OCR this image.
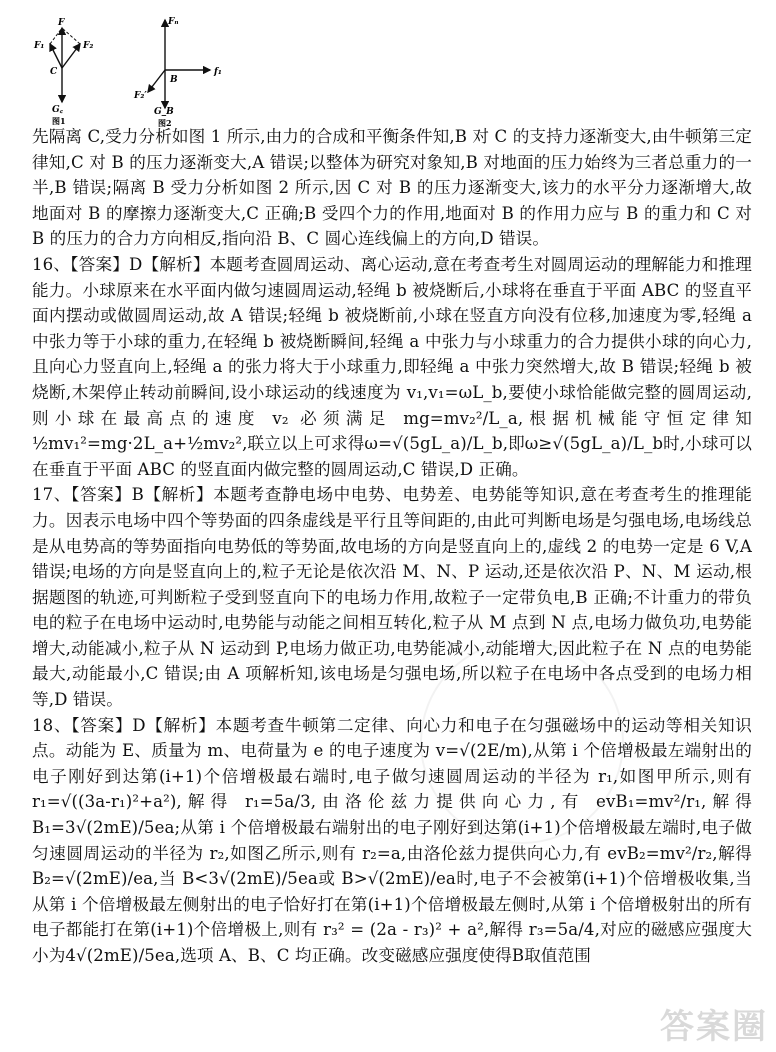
F
F₁	F₂
C
G꜀
图1
Fₙ
B
f₁
F₂′
G_B
图2

先隔离 C,受力分析如图 1 所示,由力的合成和平衡条件知,B 对 C 的支持力逐渐变大,由牛顿第三定律知,C 对 B 的压力逐渐变大,A 错误;以整体为研究对象知,B 对地面的压力始终为三者总重力的一半,B 错误;隔离 B 受力分析如图 2 所示,因 C 对 B 的压力逐渐变大,该力的水平分力逐渐增大,故地面对 B 的摩擦力逐渐变大,C 正确;B 受四个力的作用,地面对 B 的作用力应与 B 的重力和 C 对 B 的压力的合力方向相反,指向沿 B、C 圆心连线偏上的方向,D 错误。

16、【答案】D【解析】本题考查圆周运动、离心运动,意在考查考生对圆周运动的理解能力和推理能力。小球原来在水平面内做匀速圆周运动,轻绳 b 被烧断后,小球将在垂直于平面 ABC 的竖直平面内摆动或做圆周运动,故 A 错误;轻绳 b 被烧断前,小球在竖直方向没有位移,加速度为零,轻绳 a 中张力等于小球的重力,在轻绳 b 被烧断瞬间,轻绳 a 中张力与小球重力的合力提供小球的向心力,且向心力竖直向上,轻绳 a 的张力将大于小球重力,即轻绳 a 中张力突然增大,故 B 错误;轻绳 b 被烧断,木架停止转动前瞬间,设小球运动的线速度为 v₁,v₁=ωL_b,要使小球恰能做完整的圆周运动,则小球在最高点的速度 v₂ 必须满足 mg=mv₂²/L_a,根据机械能守恒定律知 ½mv₁²=mg·2L_a+½mv₂²,联立以上可求得ω=√(5gL_a)/L_b,即ω≥√(5gL_a)/L_b时,小球可以在垂直于平面 ABC 的竖直面内做完整的圆周运动,C 错误,D 正确。

17、【答案】B【解析】本题考查静电场中电势、电势差、电势能等知识,意在考查考生的推理能力。因表示电场中四个等势面的四条虚线是平行且等间距的,由此可判断电场是匀强电场,电场线总是从电势高的等势面指向电势低的等势面,故电场的方向是竖直向上的,虚线 2 的电势一定是 6 V,A 错误;电场的方向是竖直向上的,粒子无论是依次沿 M、N、P 运动,还是依次沿 P、N、M 运动,根据题图的轨迹,可判断粒子受到竖直向下的电场力作用,故粒子一定带负电,B 正确;不计重力的带负电的粒子在电场中运动时,电势能与动能之间相互转化,粒子从 M 点到 N 点,电场力做负功,电势能增大,动能减小,粒子从 N 运动到 P,电场力做正功,电势能减小,动能增大,因此粒子在 N 点的电势能最大,动能最小,C 错误;由 A 项解析知,该电场是匀强电场,所以粒子在电场中各点受到的电场力相等,D 错误。

18、【答案】D【解析】本题考查牛顿第二定律、向心力和电子在匀强磁场中的运动等相关知识点。动能为 E、质量为 m、电荷量为 e 的电子速度为 v=√(2E/m),从第 i 个倍增极最左端射出的电子刚好到达第(i+1)个倍增极最右端时,电子做匀速圆周运动的半径为 r₁,如图甲所示,则有 r₁=√((3a-r₁)²+a²),解得 r₁=5a/3,由洛伦兹力提供向心力,有 evB₁=mv²/r₁,解得 B₁=3√(2mE)/5ea;从第 i 个倍增极最右端射出的电子刚好到达第(i+1)个倍增极最左端时,电子做匀速圆周运动的半径为 r₂,如图乙所示,则有 r₂=a,由洛伦兹力提供向心力,有 evB₂=mv²/r₂,解得 B₂=√(2mE)/ea,当 B<3√(2mE)/5ea或 B>√(2mE)/ea时,电子不会被第(i+1)个倍增极收集,当从第 i 个倍增极最左侧射出的电子恰好打在第(i+1)个倍增极最左侧时,从第 i 个倍增极射出的所有电子都能打在第(i+1)个倍增极上,则有 r₃² = (2a - r₃)² + a²,解得 r₃=5a/4,对应的磁感应强度大小为4√(2mE)/5ea,选项 A、B、C 均正确。改变磁感应强度使得B取值范围

答案圈
